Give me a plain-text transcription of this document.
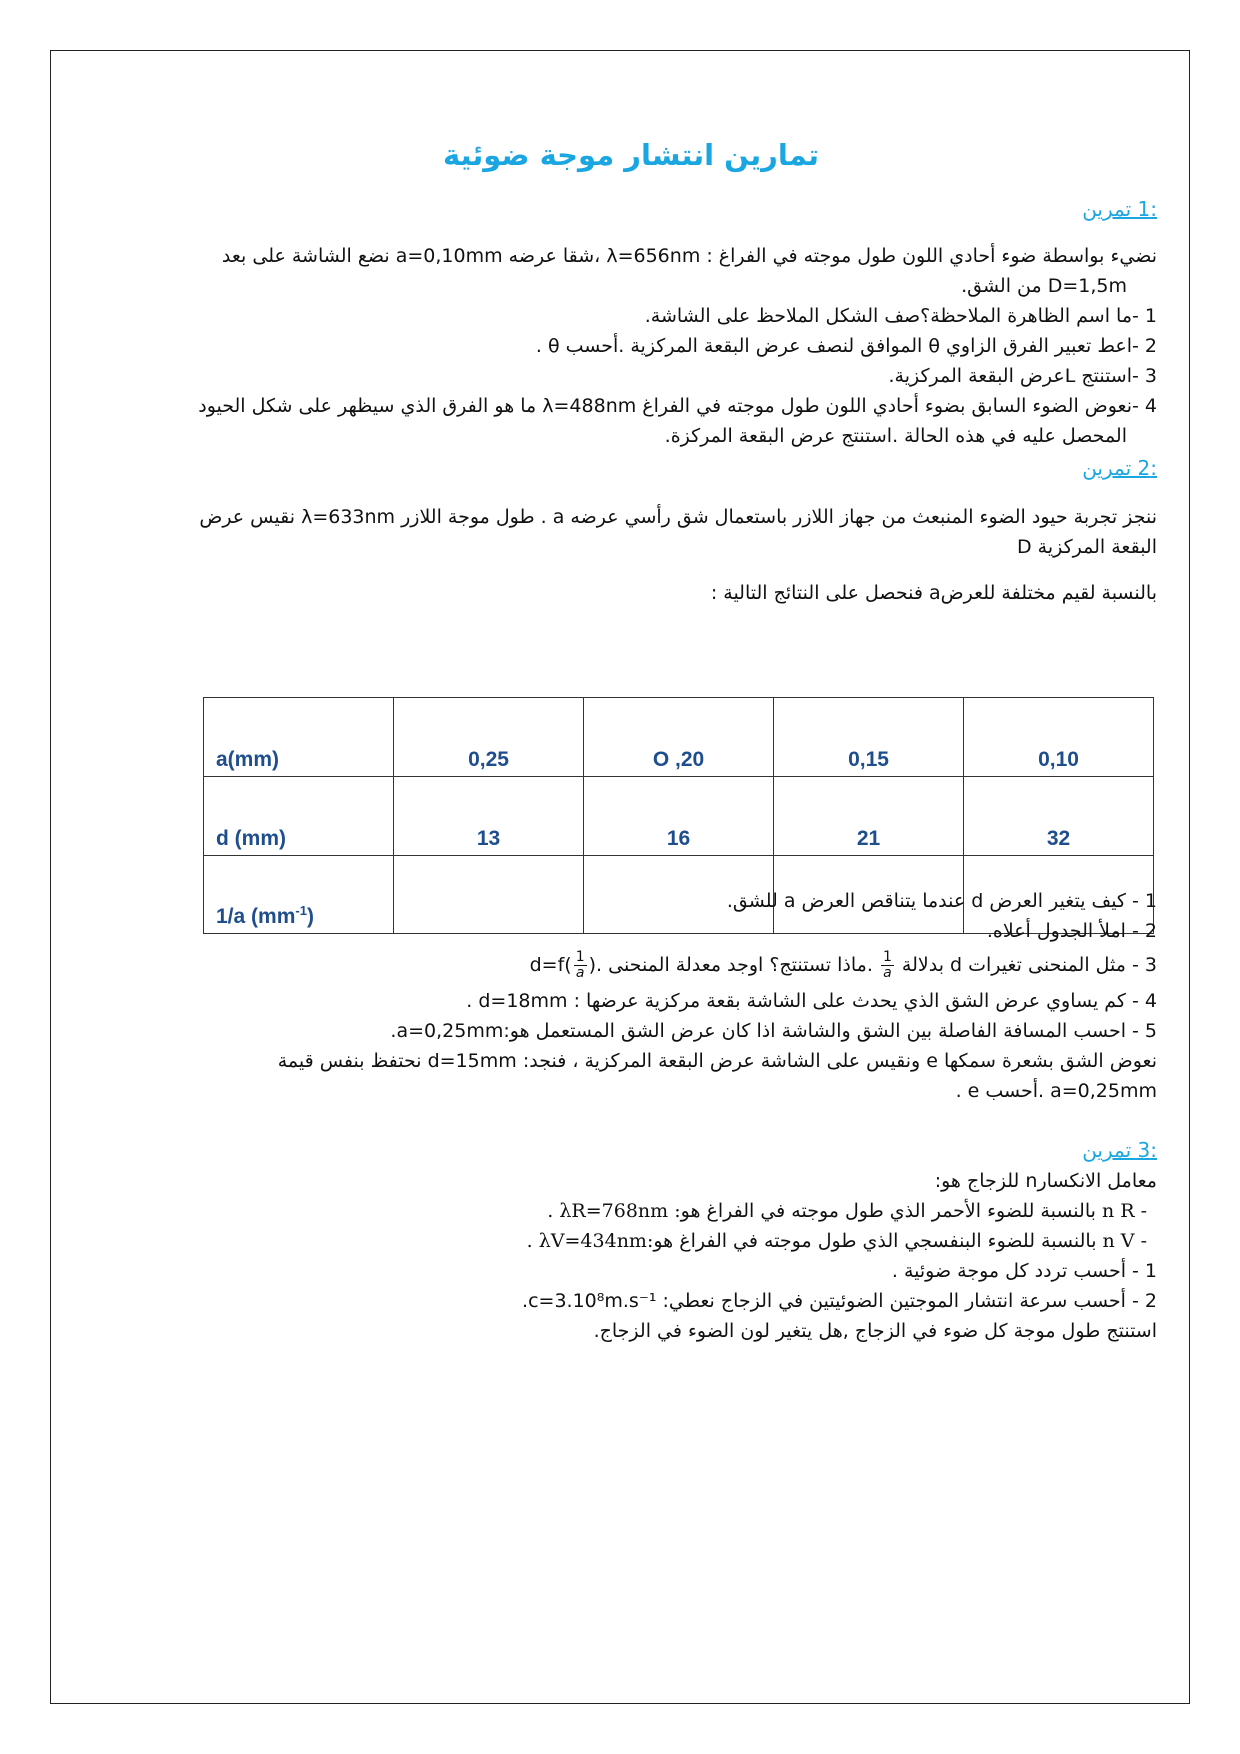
تمارين انتشار موجة ضوئية
:1 تمرين
نضيء بواسطة ضوء أحادي اللون طول موجته في الفراغ : λ=656nm ،شقا عرضه a=0,10mm نضع الشاشة على بعد
D=1,5m من الشق.
1 -ما اسم الظاهرة الملاحظة؟صف الشكل الملاحظ على الشاشة.
2 -اعط تعبير الفرق الزاوي θ الموافق لنصف عرض البقعة المركزية .أحسب θ .
3 -استنتج Lعرض البقعة المركزية.
4 -نعوض الضوء السابق بضوء أحادي اللون طول موجته في الفراغ λ=488nm ما هو الفرق الذي سيظهر على شكل الحيود
المحصل عليه في هذه الحالة .استنتج عرض البقعة المركزة.
:2 تمرين
ننجز تجربة حيود الضوء المنبعث من جهاز اللازر باستعمال شق رأسي عرضه a . طول موجة اللازر λ=633nm نقيس عرض
البقعة المركزية D
بالنسبة لقيم مختلفة للعرضa فنحصل على النتائج التالية :
:3 تمرين
معامل الانكسارn للزجاج هو:
- n R بالنسبة للضوء الأحمر الذي طول موجته في الفراغ هو: λR=768nm .
- n V بالنسبة للضوء البنفسجي الذي طول موجته في الفراغ هو:λV=434nm .
1 - أحسب تردد كل موجة ضوئية .
2 - أحسب سرعة انتشار الموجتين الضوئيتين في الزجاج نعطي: c=3.10⁸m.s⁻¹.
استنتج طول موجة كل ضوء في الزجاج ,هل يتغير لون الضوء في الزجاج.
a(mm)	0,25	O ,20	0,15	0,10
d (mm)	13	16	21	32
1/a $(mm^{-1})$				
1 - كيف يتغير العرض d عندما يتناقص العرض a للشق.
2 - املأ الجدول أعلاه.
3 - مثل المنحنى تغيرات d بدلالة
$\frac{1}{a}$
.ماذا تستنتج؟ اوجد معدلة المنحنى $d=f( \frac{1}{a}$ ).
4 - كم يساوي عرض الشق الذي يحدث على الشاشة بقعة مركزية عرضها : d=18mm .
5 - احسب المسافة الفاصلة بين الشق والشاشة اذا كان عرض الشق المستعمل هو:a=0,25mm.
نعوض الشق بشعرة سمكها e ونقيس على الشاشة عرض البقعة المركزية ، فنجد: d=15mm نحتفظ بنفس قيمة
a=0,25mm .أحسب e .
